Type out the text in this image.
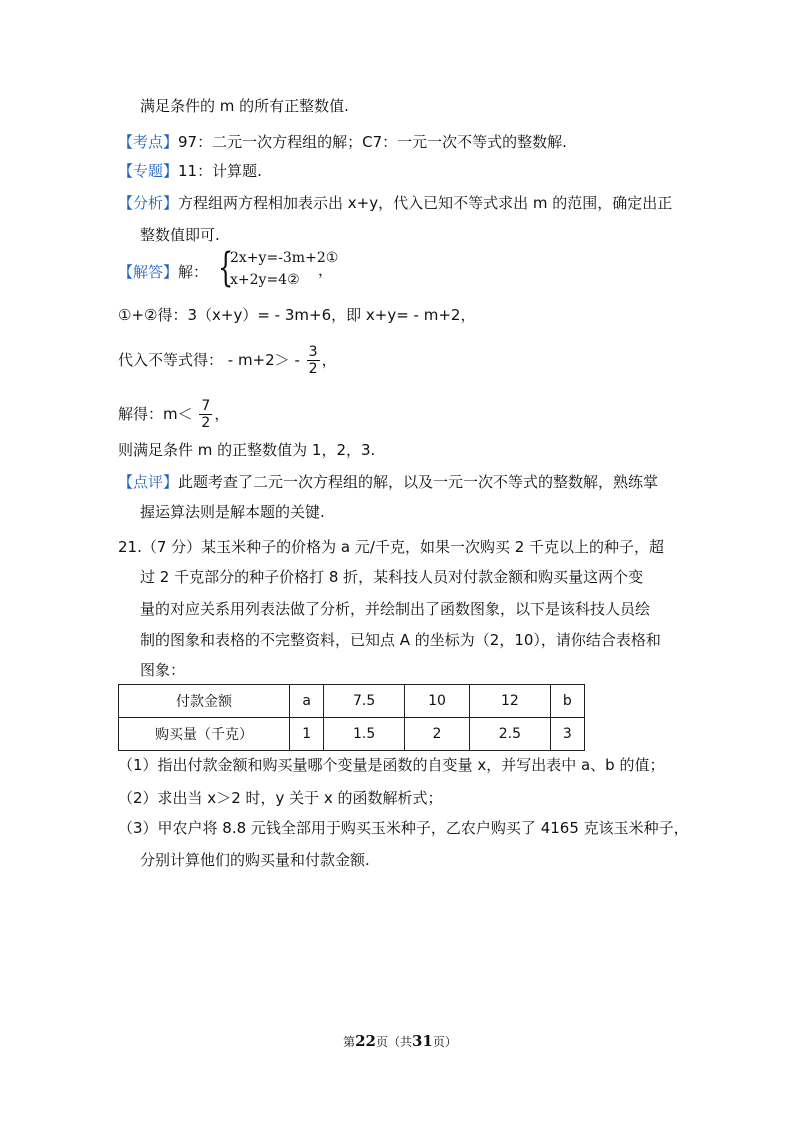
满足条件的 m 的所有正整数值.
【考点】97：二元一次方程组的解；C7：一元一次不等式的整数解.
【专题】11：计算题.
【分析】方程组两方程相加表示出 x+y，代入已知不等式求出 m 的范围，确定出正
整数值即可.
【解答】解： {
2x+y=-3m+2①
x+2y=4②
，
①+②得：3（x+y）= - 3m+6，即 x+y= - m+2，
代入不等式得： - $m+2> - \frac{3}{2}$ ，
解得：$m< \frac{7}{2}$ ，
则满足条件 m 的正整数值为 1，2，3.
【点评】此题考查了二元一次方程组的解，以及一元一次不等式的整数解，熟练掌
握运算法则是解本题的关键.
21.（7 分）某玉米种子的价格为 a 元/千克，如果一次购买 2 千克以上的种子，超
过 2 千克部分的种子价格打 8 折，某科技人员对付款金额和购买量这两个变
量的对应关系用列表法做了分析，并绘制出了函数图象，以下是该科技人员绘
制的图象和表格的不完整资料，已知点 A 的坐标为（2，10），请你结合表格和
图象：
付款金额	a	7.5	10	12	b
购买量（千克）	1	1.5	2	2.5	3
（1）指出付款金额和购买量哪个变量是函数的自变量 x，并写出表中 a、b 的值；
（2）求出当 x＞2 时，y 关于 x 的函数解析式；
（3）甲农户将 8.8 元钱全部用于购买玉米种子，乙农户购买了 4165 克该玉米种子，
分别计算他们的购买量和付款金额.
第22页（共31页）
